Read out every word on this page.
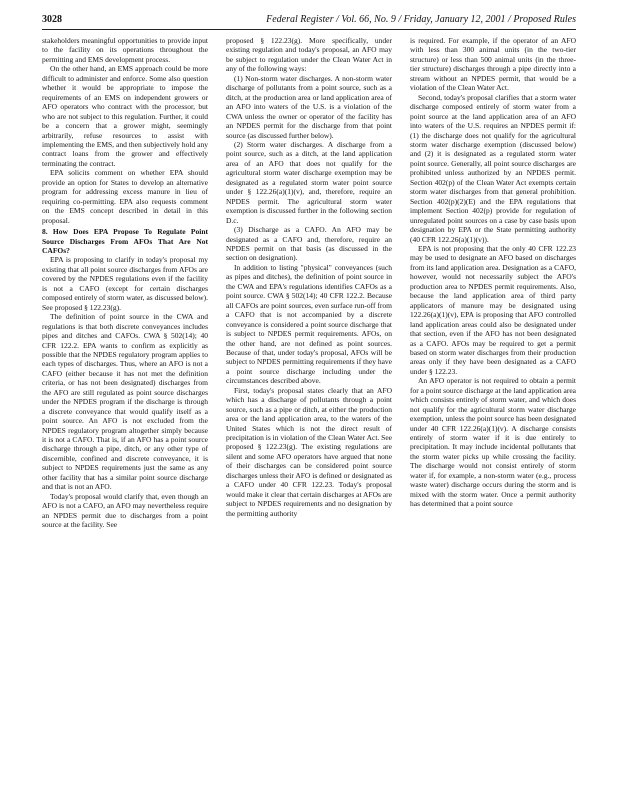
3028	Federal Register / Vol. 66, No. 9 / Friday, January 12, 2001 / Proposed Rules

stakeholders meaningful opportunities to provide input to the facility on its operations throughout the permitting and EMS development process.

On the other hand, an EMS approach could be more difficult to administer and enforce. Some also question whether it would be appropriate to impose the requirements of an EMS on independent growers or AFO operators who contract with the processor, but who are not subject to this regulation. Further, it could be a concern that a grower might, seemingly arbitrarily, refuse resources to assist with implementing the EMS, and then subjectively hold any contract loans from the grower and effectively terminating the contract.

EPA solicits comment on whether EPA should provide an option for States to develop an alternative program for addressing excess manure in lieu of requiring co-permitting. EPA also requests comment on the EMS concept described in detail in this proposal.

8. How Does EPA Propose To Regulate Point Source Discharges From AFOs That Are Not CAFOs?

EPA is proposing to clarify in today's proposal my existing that all point source discharges from AFOs are covered by the NPDES regulations even if the facility is not a CAFO (except for certain discharges composed entirely of storm water, as discussed below). See proposed § 122.23(g).

The definition of point source in the CWA and regulations is that both discrete conveyances includes pipes and ditches and CAFOs. CWA § 502(14); 40 CFR 122.2. EPA wants to confirm as explicitly as possible that the NPDES regulatory program applies to each types of discharges. Thus, where an AFO is not a CAFO (either because it has not met the definition criteria, or has not been designated) discharges from the AFO are still regulated as point source discharges under the NPDES program if the discharge is through a discrete conveyance that would qualify itself as a point source. An AFO is not excluded from the NPDES regulatory program altogether simply because it is not a CAFO. That is, if an AFO has a point source discharge through a pipe, ditch, or any other type of discernible, confined and discrete conveyance, it is subject to NPDES requirements just the same as any other facility that has a similar point source discharge and that is not an AFO.

Today's proposal would clarify that, even though an AFO is not a CAFO, an AFO may nevertheless require an NPDES permit due to discharges from a point source at the facility. See

proposed § 122.23(g). More specifically, under existing regulation and today's proposal, an AFO may be subject to regulation under the Clean Water Act in any of the following ways:

(1) Non-storm water discharges. A non-storm water discharge of pollutants from a point source, such as a ditch, at the production area or land application area of an AFO into waters of the U.S. is a violation of the CWA unless the owner or operator of the facility has an NPDES permit for the discharge from that point source (as discussed further below).

(2) Storm water discharges. A discharge from a point source, such as a ditch, at the land application area of an AFO that does not qualify for the agricultural storm water discharge exemption may be designated as a regulated storm water point source under § 122.26(a)(1)(v), and, therefore, require an NPDES permit. The agricultural storm water exemption is discussed further in the following section D.c.

(3) Discharge as a CAFO. An AFO may be designated as a CAFO and, therefore, require an NPDES permit on that basis (as discussed in the section on designation).

In addition to listing "physical" conveyances (such as pipes and ditches), the definition of point source in the CWA and EPA's regulations identifies CAFOs as a point source. CWA § 502(14); 40 CFR 122.2. Because all CAFOs are point sources, even surface run-off from a CAFO that is not accompanied by a discrete conveyance is considered a point source discharge that is subject to NPDES permit requirements. AFOs, on the other hand, are not defined as point sources. Because of that, under today's proposal, AFOs will be subject to NPDES permitting requirements if they have a point source discharge including under the circumstances described above.

First, today's proposal states clearly that an AFO which has a discharge of pollutants through a point source, such as a pipe or ditch, at either the production area or the land application area, to the waters of the United States which is not the direct result of precipitation is in violation of the Clean Water Act. See proposed § 122.23(g). The existing regulations are silent and some AFO operators have argued that none of their discharges can be considered point source discharges unless their AFO is defined or designated as a CAFO under 40 CFR 122.23. Today's proposal would make it clear that certain discharges at AFOs are subject to NPDES requirements and no designation by the permitting authority

is required. For example, if the operator of an AFO with less than 300 animal units (in the two-tier structure) or less than 500 animal units (in the three-tier structure) discharges through a pipe directly into a stream without an NPDES permit, that would be a violation of the Clean Water Act.

Second, today's proposal clarifies that a storm water discharge composed entirely of storm water from a point source at the land application area of an AFO into waters of the U.S. requires an NPDES permit if: (1) the discharge does not qualify for the agricultural storm water discharge exemption (discussed below) and (2) it is designated as a regulated storm water point source. Generally, all point source discharges are prohibited unless authorized by an NPDES permit. Section 402(p) of the Clean Water Act exempts certain storm water discharges from that general prohibition. Section 402(p)(2)(E) and the EPA regulations that implement Section 402(p) provide for regulation of unregulated point sources on a case by case basis upon designation by EPA or the State permitting authority (40 CFR 122.26(a)(1)(v)).

EPA is not proposing that the only 40 CFR 122.23 may be used to designate an AFO based on discharges from its land application area. Designation as a CAFO, however, would not necessarily subject the AFO's production area to NPDES permit requirements. Also, because the land application area of third party applicators of manure may be designated using 122.26(a)(1)(v), EPA is proposing that AFO controlled land application areas could also be designated under that section, even if the AFO has not been designated as a CAFO. AFOs may be required to get a permit based on storm water discharges from their production areas only if they have been designated as a CAFO under § 122.23.

An AFO operator is not required to obtain a permit for a point source discharge at the land application area which consists entirely of storm water, and which does not qualify for the agricultural storm water discharge exemption, unless the point source has been designated under 40 CFR 122.26(a)(1)(v). A discharge consists entirely of storm water if it is due entirely to precipitation. It may include incidental pollutants that the storm water picks up while crossing the facility. The discharge would not consist entirely of storm water if, for example, a non-storm water (e.g., process waste water) discharge occurs during the storm and is mixed with the storm water. Once a permit authority has determined that a point source
